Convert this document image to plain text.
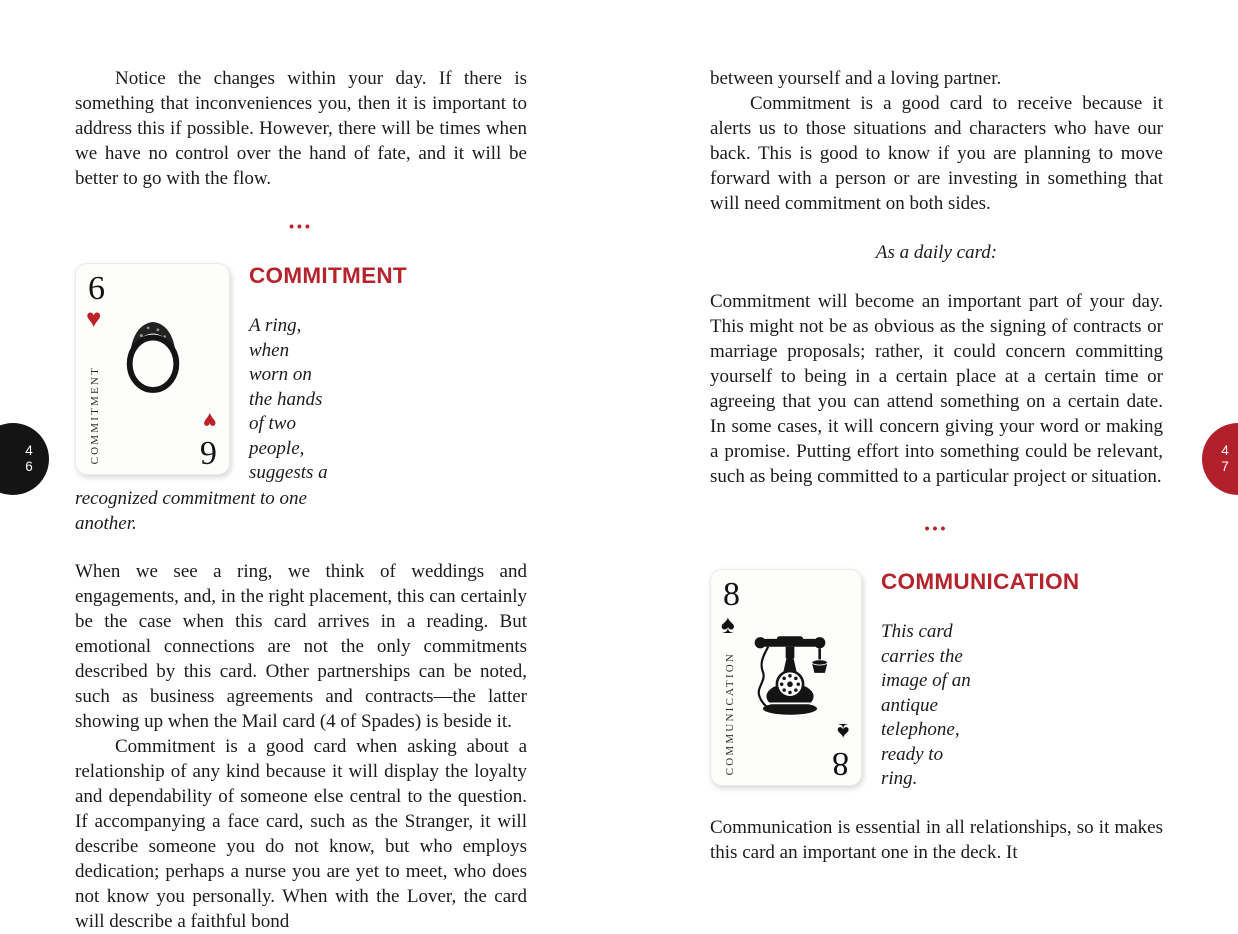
Notice the changes within your day. If there is something that inconveniences you, then it is important to address this if possible. However, there will be times when we have no control over the hand of fate, and it will be better to go with the flow.

•••
6
♥
COMMITMENT	♥
6
COMMITMENT

A ring, when worn on the hands of two people, suggests a recognized commitment to one another.

When we see a ring, we think of weddings and engagements, and, in the right placement, this can certainly be the case when this card arrives in a reading. But emotional connections are not the only commitments described by this card. Other partnerships can be noted, such as business agreements and contracts—the latter showing up when the Mail card (4 of Spades) is beside it.

Commitment is a good card when asking about a relationship of any kind because it will display the loyalty and dependability of someone else central to the question. If accompanying a face card, such as the Stranger, it will describe someone you do not know, but who employs dedication; perhaps a nurse you are yet to meet, who does not know you personally. When with the Lover, the card will describe a faithful bond

between yourself and a loving partner.

Commitment is a good card to receive because it alerts us to those situations and characters who have our back. This is good to know if you are planning to move forward with a person or are investing in something that will need commitment on both sides.

As a daily card:

Commitment will become an important part of your day. This might not be as obvious as the signing of contracts or marriage proposals; rather, it could concern committing yourself to being in a certain place at a certain time or agreeing that you can attend something on a certain date. In some cases, it will concern giving your word or making a promise. Putting effort into something could be relevant, such as being committed to a particular project or situation.

•••
8
♠
COMMUNICATION	♠
8
COMMUNICATION

This card carries the image of an antique telephone, ready to ring.

Communication is essential in all relationships, so it makes this card an important one in the deck. It

4
6
4
7
